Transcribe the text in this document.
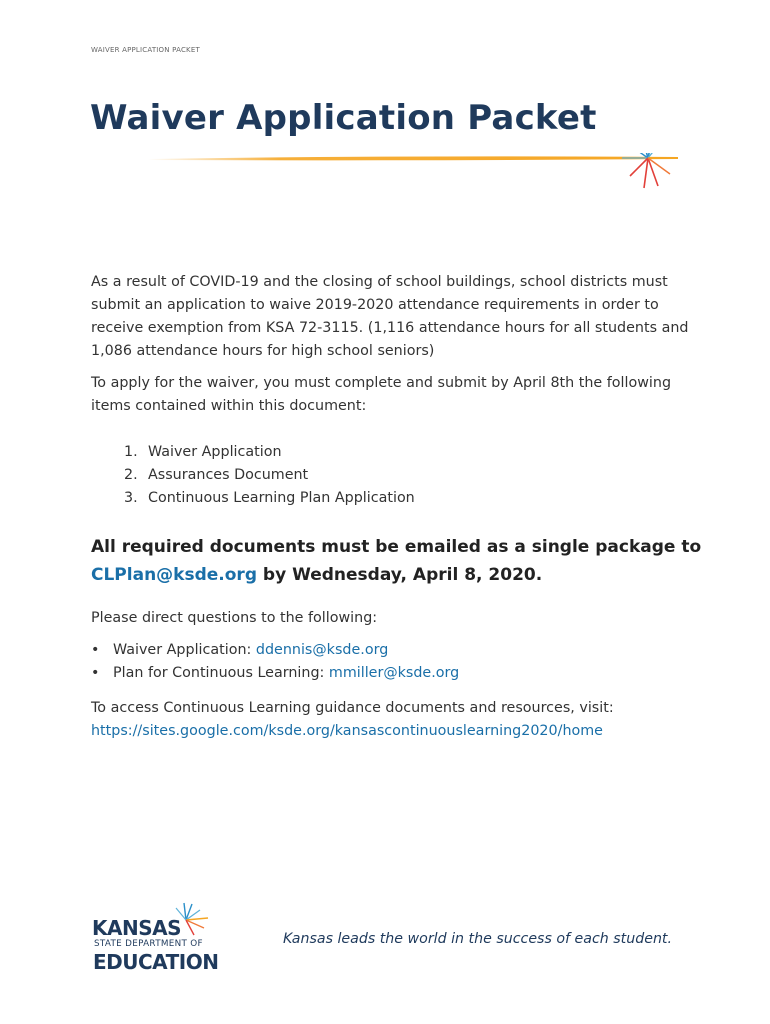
WAIVER APPLICATION PACKET
Waiver Application Packet

As a result of COVID-19 and the closing of school buildings, school districts must submit an application to waive 2019-2020 attendance requirements in order to receive exemption from KSA 72-3115. (1,116 attendance hours for all students and 1,086 attendance hours for high school seniors)

To apply for the waiver, you must complete and submit by April 8th the following items contained within this document:

1. Waiver Application
2. Assurances Document
3. Continuous Learning Plan Application

All required documents must be emailed as a single package to
CLPlan@ksde.org by Wednesday, April 8, 2020.

Please direct questions to the following:

• Waiver Application: ddennis@ksde.org
• Plan for Continuous Learning: mmiller@ksde.org

To access Continuous Learning guidance documents and resources, visit:
https://sites.google.com/ksde.org/kansascontinuouslearning2020/home

KANSAS
STATE DEPARTMENT OF
EDUCATION

Kansas leads the world in the success of each student.
